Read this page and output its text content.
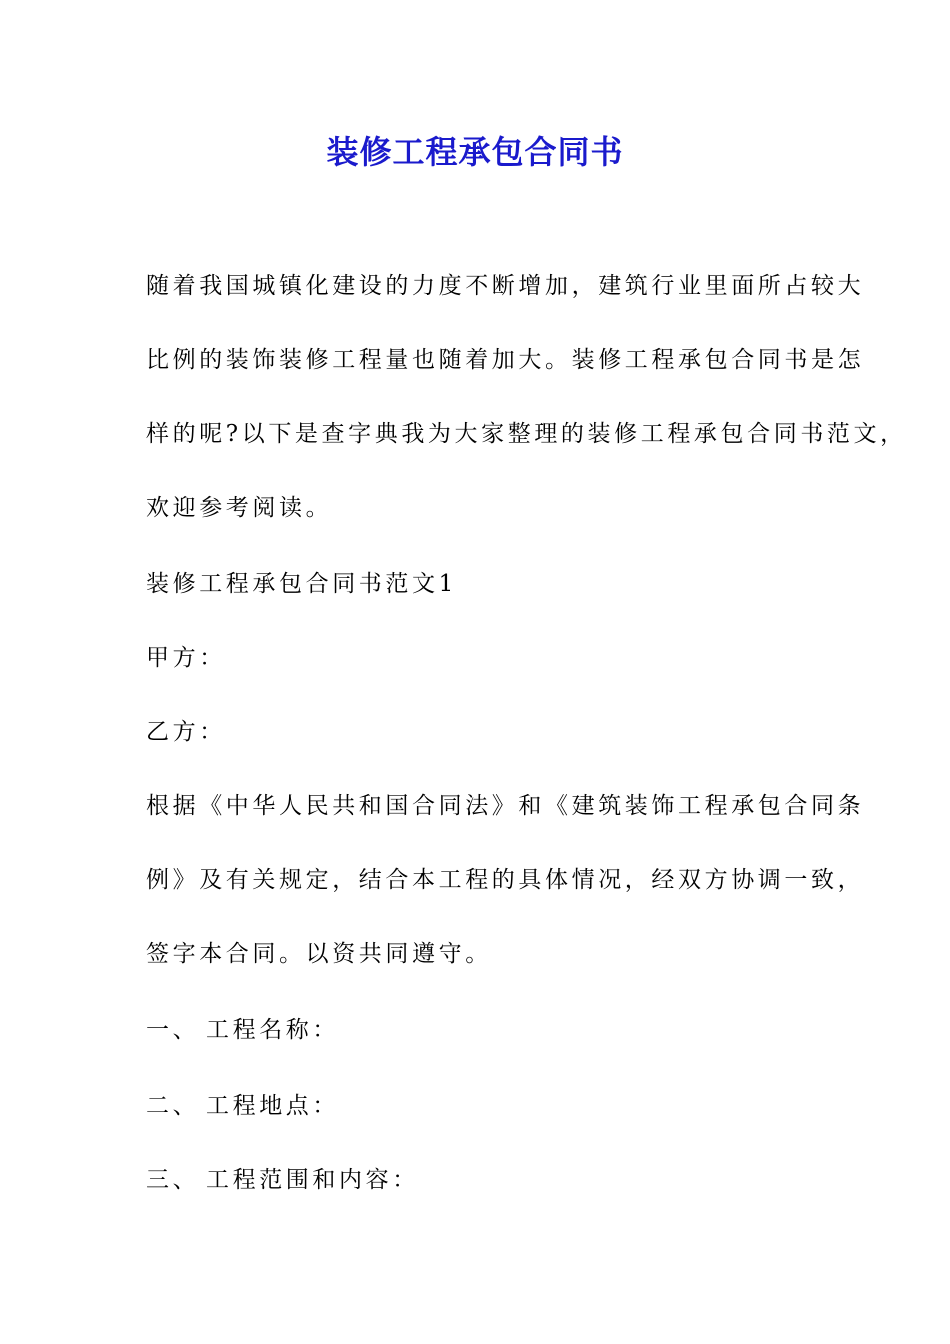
装修工程承包合同书
随着我国城镇化建设的力度不断增加，建筑行业里面所占较大
比例的装饰装修工程量也随着加大。装修工程承包合同书是怎
样的呢?以下是查字典我为大家整理的装修工程承包合同书范文，
欢迎参考阅读。
装修工程承包合同书范文1
甲方：
乙方：
根据《中华人民共和国合同法》和《建筑装饰工程承包合同条
例》及有关规定，结合本工程的具体情况，经双方协调一致，
签字本合同。以资共同遵守。
一、 工程名称：
二、 工程地点：
三、 工程范围和内容：
